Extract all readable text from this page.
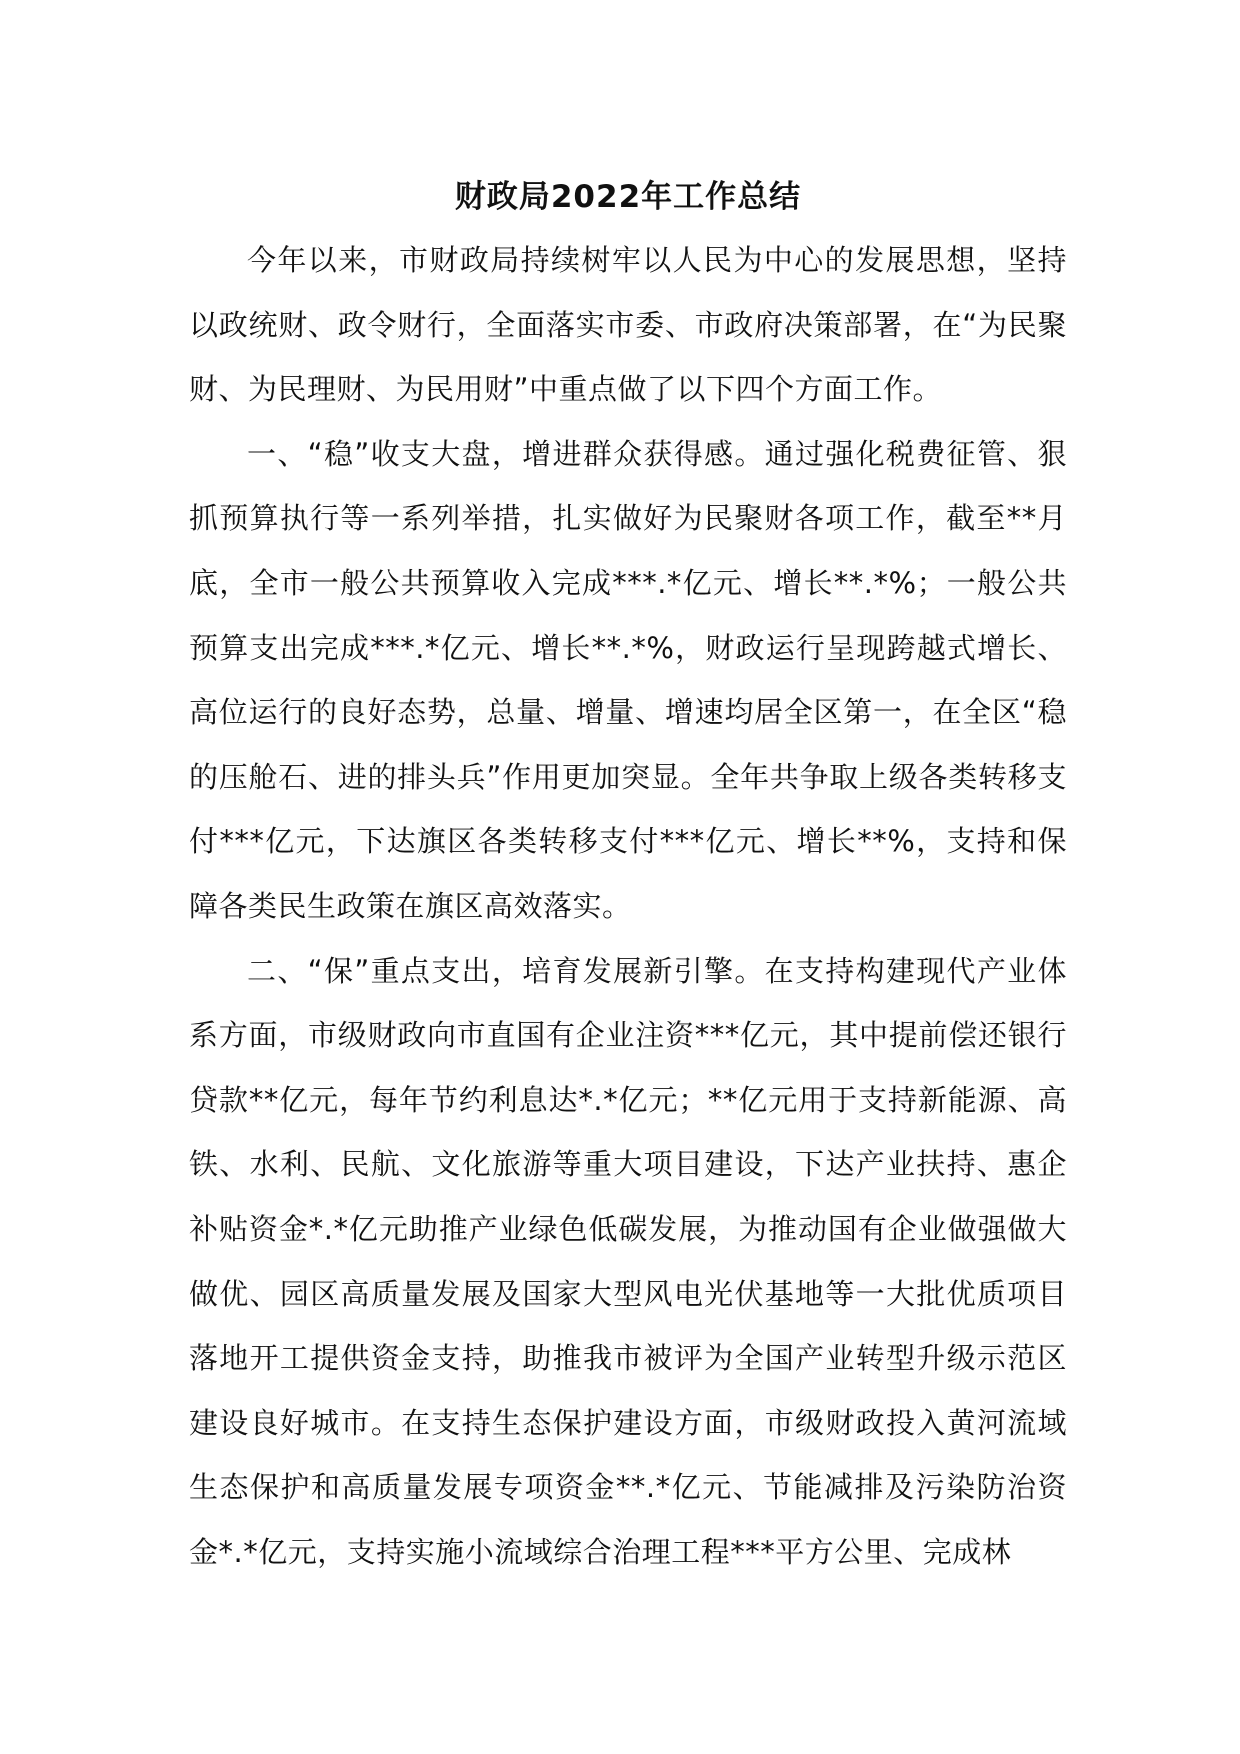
财政局2022年工作总结

今年以来，市财政局持续树牢以人民为中心的发展思想，坚持以政统财、政令财行，全面落实市委、市政府决策部署，在“为民聚财、为民理财、为民用财”中重点做了以下四个方面工作。

一、“稳”收支大盘，增进群众获得感。通过强化税费征管、狠抓预算执行等一系列举措，扎实做好为民聚财各项工作，截至**月底，全市一般公共预算收入完成***.*亿元、增长**.*%；一般公共预算支出完成***.*亿元、增长**.*%，财政运行呈现跨越式增长、高位运行的良好态势，总量、增量、增速均居全区第一，在全区“稳的压舱石、进的排头兵”作用更加突显。全年共争取上级各类转移支付***亿元，下达旗区各类转移支付***亿元、增长**%，支持和保障各类民生政策在旗区高效落实。

二、“保”重点支出，培育发展新引擎。在支持构建现代产业体系方面，市级财政向市直国有企业注资***亿元，其中提前偿还银行贷款**亿元，每年节约利息达*.*亿元；**亿元用于支持新能源、高铁、水利、民航、文化旅游等重大项目建设，下达产业扶持、惠企补贴资金*.*亿元助推产业绿色低碳发展，为推动国有企业做强做大做优、园区高质量发展及国家大型风电光伏基地等一大批优质项目落地开工提供资金支持，助推我市被评为全国产业转型升级示范区建设良好城市。在支持生态保护建设方面，市级财政投入黄河流域生态保护和高质量发展专项资金**.*亿元、节能减排及污染防治资金*.*亿元，支持实施小流域综合治理工程***平方公里、完成林
